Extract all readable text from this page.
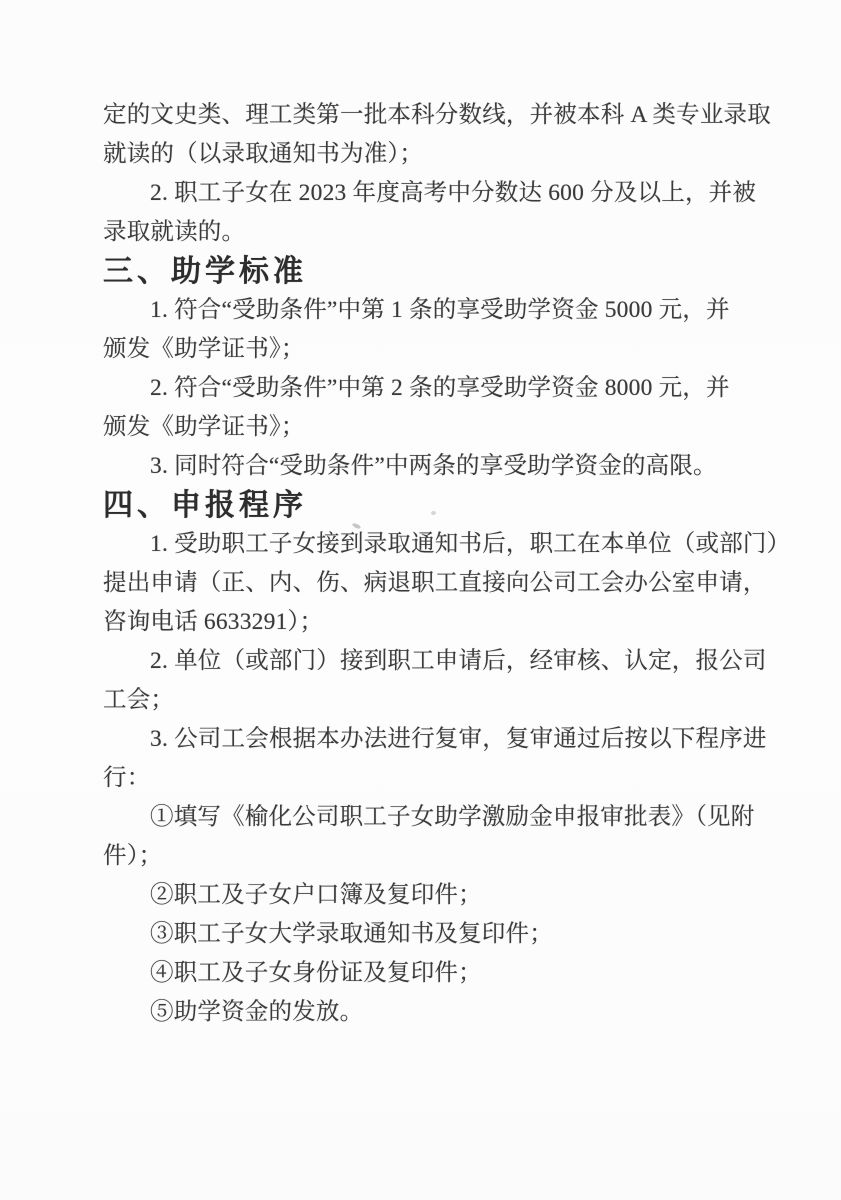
定的文史类、理工类第一批本科分数线，并被本科 A 类专业录取
就读的（以录取通知书为准）；
2. 职工子女在 2023 年度高考中分数达 600 分及以上，并被
录取就读的。
三、助学标准
1. 符合“受助条件”中第 1 条的享受助学资金 5000 元，并
颁发《助学证书》；
2. 符合“受助条件”中第 2 条的享受助学资金 8000 元，并
颁发《助学证书》；
3. 同时符合“受助条件”中两条的享受助学资金的高限。
四、申报程序
1. 受助职工子女接到录取通知书后，职工在本单位（或部门）
提出申请（正、内、伤、病退职工直接向公司工会办公室申请，
咨询电话 6633291）；
2. 单位（或部门）接到职工申请后，经审核、认定，报公司
工会；
3. 公司工会根据本办法进行复审，复审通过后按以下程序进
行：
①填写《榆化公司职工子女助学激励金申报审批表》（见附
件）；
②职工及子女户口簿及复印件；
③职工子女大学录取通知书及复印件；
④职工及子女身份证及复印件；
⑤助学资金的发放。
